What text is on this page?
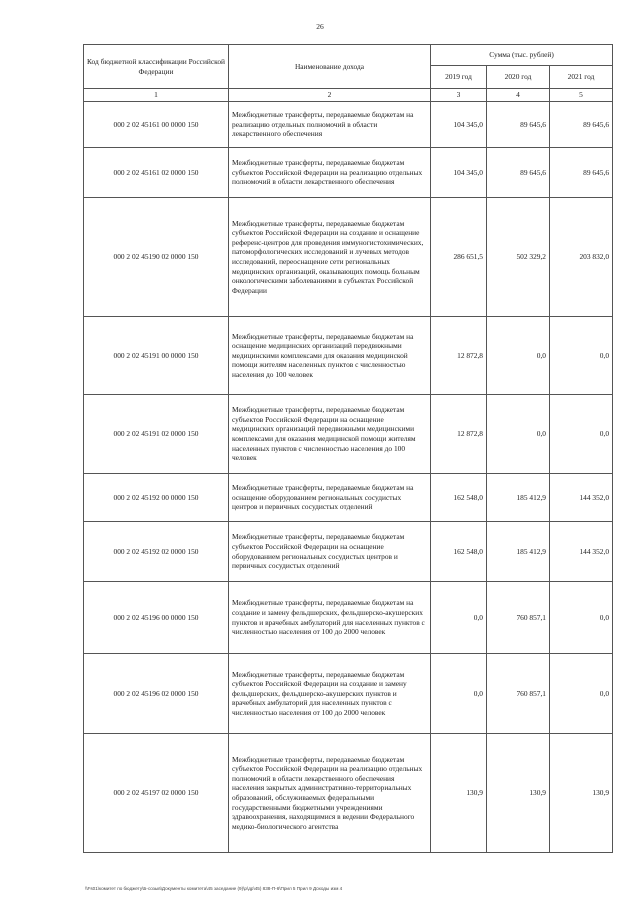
26
Код бюджетной классификации Российской Федерации	Наименование дохода	Сумма (тыс. рублей)		
		2019 год	2020 год	2021 год
1	2	3	4	5
000 2 02 45161 00 0000 150	Межбюджетные трансферты, передаваемые бюджетам на реализацию отдельных полномочий в области лекарственного обеспечения	104 345,0	89 645,6	89 645,6
000 2 02 45161 02 0000 150	Межбюджетные трансферты, передаваемые бюджетам субъектов Российской Федерации на реализацию отдельных полномочий в области лекарственного обеспечения	104 345,0	89 645,6	89 645,6
000 2 02 45190 02 0000 150	Межбюджетные трансферты, передаваемые бюджетам субъектов Российской Федерации на создание и оснащение референс-центров для проведения иммуногистохимических, патоморфологических исследований и лучевых методов исследований, переоснащение сети региональных медицинских организаций, оказывающих помощь больным онкологическими заболеваниями в субъектах Российской Федерации	286 651,5	502 329,2	203 832,0
000 2 02 45191 00 0000 150	Межбюджетные трансферты, передаваемые бюджетам на оснащение медицинских организаций передвижными медицинскими комплексами для оказания медицинской помощи жителям населенных пунктов с численностью населения до 100 человек	12 872,8	0,0	0,0
000 2 02 45191 02 0000 150	Межбюджетные трансферты, передаваемые бюджетам субъектов Российской Федерации на оснащение медицинских организаций передвижными медицинскими комплексами для оказания медицинской помощи жителям населенных пунктов с численностью населения до 100 человек	12 872,8	0,0	0,0
000 2 02 45192 00 0000 150	Межбюджетные трансферты, передаваемые бюджетам на оснащение оборудованием региональных сосудистых центров и первичных сосудистых отделений	162 548,0	185 412,9	144 352,0
000 2 02 45192 02 0000 150	Межбюджетные трансферты, передаваемые бюджетам субъектов Российской Федерации на оснащение оборудованием региональных сосудистых центров и первичных сосудистых отделений	162 548,0	185 412,9	144 352,0
000 2 02 45196 00 0000 150	Межбюджетные трансферты, передаваемые бюджетам на создание и замену фельдшерских, фельдшерско-акушерских пунктов и врачебных амбулаторий для населенных пунктов с численностью населения от 100 до 2000 человек	0,0	760 857,1	0,0
000 2 02 45196 02 0000 150	Межбюджетные трансферты, передаваемые бюджетам субъектов Российской Федерации на создание и замену фельдшерских, фельдшерско-акушерских пунктов и врачебных амбулаторий для населенных пунктов с численностью населения от 100 до 2000 человек	0,0	760 857,1	0,0
000 2 02 45197 02 0000 150	Межбюджетные трансферты, передаваемые бюджетам субъектов Российской Федерации на реализацию отдельных полномочий в области лекарственного обеспечения населения закрытых административно-территориальных образований, обслуживаемых федеральными государственными бюджетными учреждениями здравоохранения, находящимися в ведении Федерального медико-биологического агентства	130,9	130,9	130,9
\\Fs01\комитет по бюджету\Б-созыв\Документы комитета\45 заседание (9)\р\др\45) 838-П-6\Прил 5 Прил 9 Доходы изм 4
